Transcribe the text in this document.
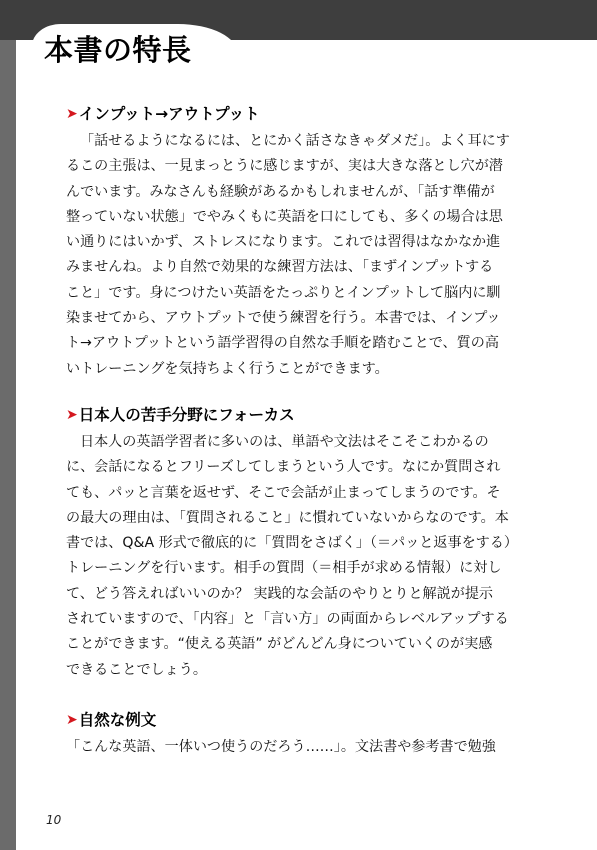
本書の特長
➤インプット→アウトプット
「話せるようになるには、とにかく話さなきゃダメだ」。よく耳にす
るこの主張は、一見まっとうに感じますが、実は大きな落とし穴が潜
んでいます。みなさんも経験があるかもしれませんが、「話す準備が
整っていない状態」でやみくもに英語を口にしても、多くの場合は思
い通りにはいかず、ストレスになります。これでは習得はなかなか進
みませんね。より自然で効果的な練習方法は、「まずインプットする
こと」です。身につけたい英語をたっぷりとインプットして脳内に馴
染ませてから、アウトプットで使う練習を行う。本書では、インプッ
ト→アウトプットという語学習得の自然な手順を踏むことで、質の高
いトレーニングを気持ちよく行うことができます。
➤日本人の苦手分野にフォーカス
日本人の英語学習者に多いのは、単語や文法はそこそこわかるの
に、会話になるとフリーズしてしまうという人です。なにか質問され
ても、パッと言葉を返せず、そこで会話が止まってしまうのです。そ
の最大の理由は、「質問されること」に慣れていないからなのです。本
書では、Q&A 形式で徹底的に「質問をさばく」（＝パッと返事をする）
トレーニングを行います。相手の質問（＝相手が求める情報）に対し
て、どう答えればいいのか？ 実践的な会話のやりとりと解説が提示
されていますので、「内容」と「言い方」の両面からレベルアップする
ことができます。“使える英語” がどんどん身についていくのが実感
できることでしょう。
➤自然な例文
「こんな英語、一体いつ使うのだろう……」。文法書や参考書で勉強
10
